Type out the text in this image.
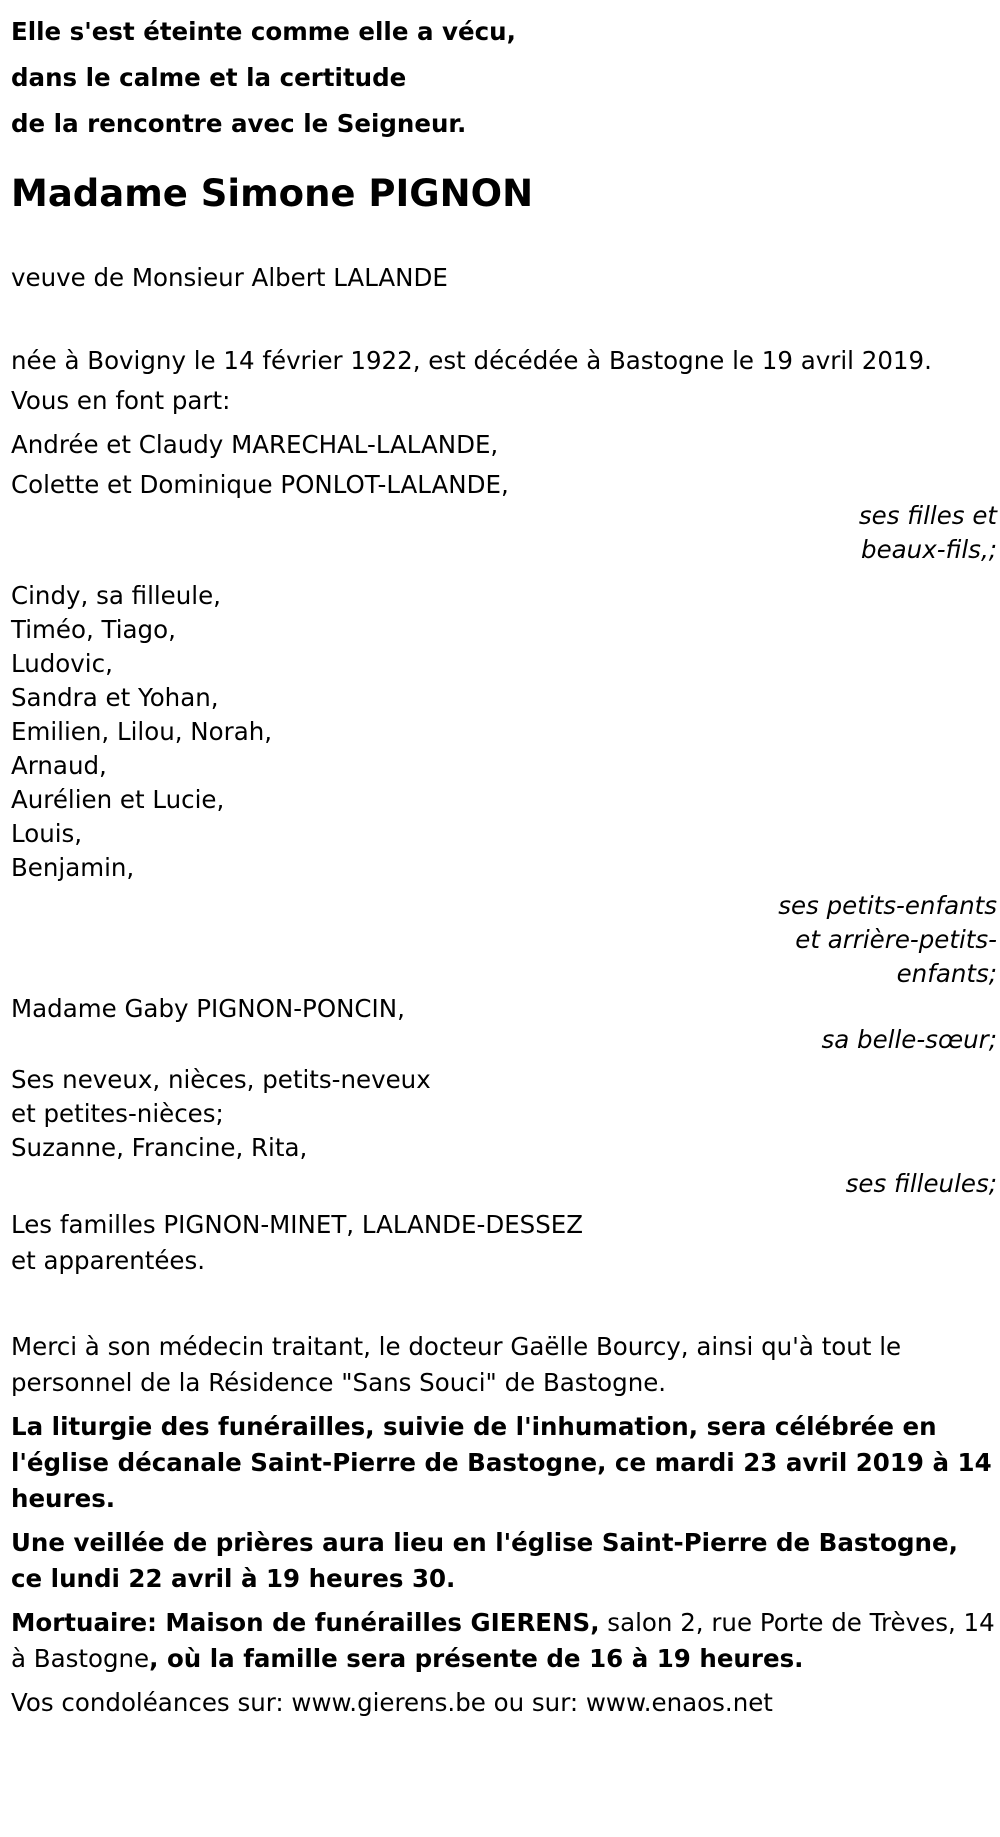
Elle s'est éteinte comme elle a vécu,
dans le calme et la certitude
de la rencontre avec le Seigneur.
Madame Simone PIGNON

veuve de Monsieur Albert LALANDE

née à Bovigny le 14 février 1922, est décédée à Bastogne le 19 avril 2019.

Vous en font part:

Andrée et Claudy MARECHAL-LALANDE,
Colette et Dominique PONLOT-LALANDE,
ses filles et beaux-fils,;
Cindy, sa filleule,
Timéo, Tiago,
Ludovic,
Sandra et Yohan,
Emilien, Lilou, Norah,
Arnaud,
Aurélien et Lucie,
Louis,
Benjamin,
ses petits-enfants et arrière-petits-enfants;
Madame Gaby PIGNON-PONCIN,
sa belle-sœur;
Ses neveux, nièces, petits-neveux
et petites-nièces;
Suzanne, Francine, Rita,
ses filleules;
Les familles PIGNON-MINET, LALANDE-DESSEZ
et apparentées.

Merci à son médecin traitant, le docteur Gaëlle Bourcy, ainsi qu'à tout le personnel de la Résidence "Sans Souci" de Bastogne.

La liturgie des funérailles, suivie de l'inhumation, sera célébrée en l'église décanale Saint-Pierre de Bastogne, ce mardi 23 avril 2019 à 14 heures.

Une veillée de prières aura lieu en l'église Saint-Pierre de Bastogne, ce lundi 22 avril à 19 heures 30.

Mortuaire: Maison de funérailles GIERENS, salon 2, rue Porte de Trèves, 14 à Bastogne, où la famille sera présente de 16 à 19 heures.

Vos condoléances sur: www.gierens.be ou sur: www.enaos.net
